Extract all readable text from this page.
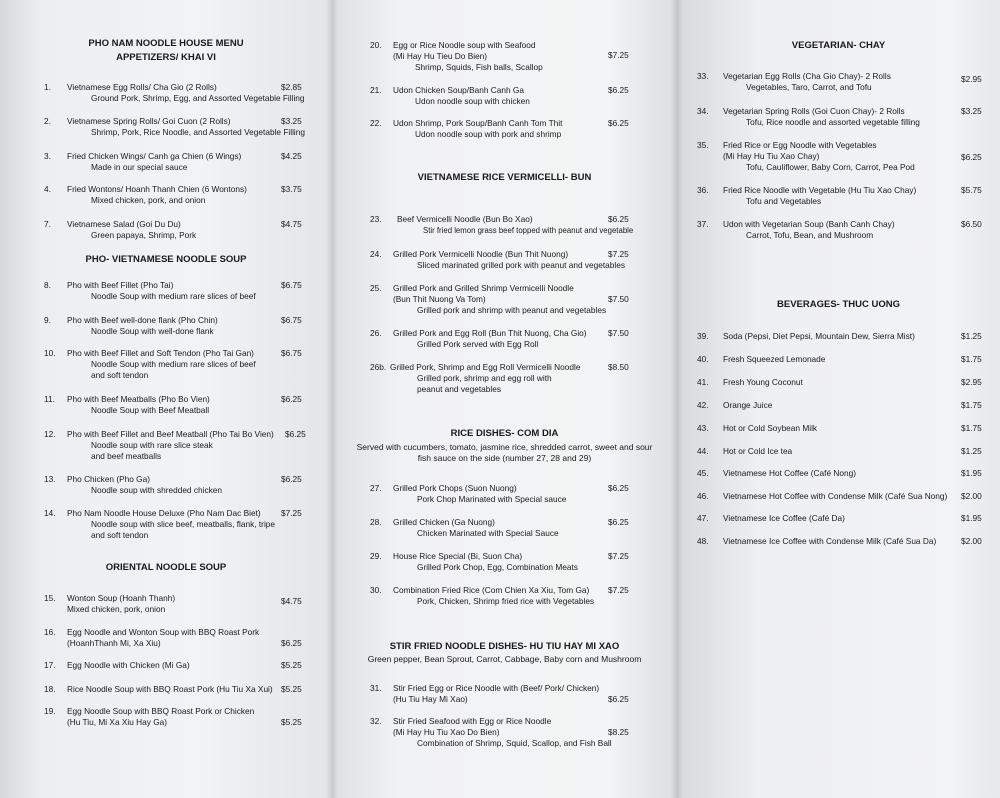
PHO NAM NOODLE HOUSE MENU
APPETIZERS/ KHAI VI
1. Vietnamese Egg Rolls/ Cha Gio (2 Rolls)
Ground Pork, Shrimp, Egg, and Assorted Vegetable Filling
$2.85
2. Vietnamese Spring Rolls/ Goi Cuon (2 Rolls)
Shrimp, Pork, Rice Noodle, and Assorted Vegetable Filling
$3.25
3. Fried Chicken Wings/ Canh ga Chien (6 Wings)
Made in our special sauce
$4.25
4. Fried Wontons/ Hoanh Thanh Chien (6 Wontons)
Mixed chicken, pork, and onion
$3.75
7. Vietnamese Salad (Goi Du Du)
Green papaya, Shrimp, Pork
$4.75
PHO- VIETNAMESE NOODLE SOUP
8. Pho with Beef Fillet (Pho Tai)
Noodle Soup with medium rare slices of beef
$6.75
9. Pho with Beef well-done flank (Pho Chin)
Noodle Soup with well-done flank
$6.75
10. Pho with Beef Fillet and Soft Tendon (Pho Tai Gan)
Noodle Soup with medium rare slices of beef
and soft tendon
$6.75
11. Pho with Beef Meatballs (Pho Bo Vien)
Noodle Soup with Beef Meatball
$6.25
12. Pho with Beef Fillet and Beef Meatball (Pho Tai Bo Vien)
Noodle soup with rare slice steak
and beef meatballs
$6.25
13. Pho Chicken (Pho Ga)
Noodle soup with shredded chicken
$6.25
14. Pho Nam Noodle House Deluxe (Pho Nam Dac Biet)
Noodle soup with slice beef, meatballs, flank, tripe
and soft tendon
$7.25
ORIENTAL NOODLE SOUP
15. Wonton Soup (Hoanh Thanh)
Mixed chicken, pork, onion
$4.75
16. Egg Noodle and Wonton Soup with BBQ Roast Pork
(HoanhThanh Mi, Xa Xiu)	$6.25
17. Egg Noodle with Chicken (Mi Ga)	$5.25
18. Rice Noodle Soup with BBQ Roast Pork (Hu Tiu Xa Xui) $5.25
19. Egg Noodle Soup with BBQ Roast Pork or Chicken
(Hu Tiu, Mi Xa Xiu Hay Ga)	$5.25
20. Egg or Rice Noodle soup with Seafood
(Mi Hay Hu Tieu Do Bien)
Shrimp, Squids, Fish balls, Scallop
$7.25
21. Udon Chicken Soup/Banh Canh Ga
Udon noodle soup with chicken
$6.25
22. Udon Shrimp, Pork Soup/Banh Canh Tom Thit
Udon noodle soup with pork and shrimp
$6.25
VIETNAMESE RICE VERMICELLI- BUN
23. Beef Vermicelli Noodle (Bun Bo Xao)
Stir fried lemon grass beef topped with peanut and vegetable
$6.25
24. Grilled Pork Vermicelli Noodle (Bun Thit Nuong)
Sliced marinated grilled pork with peanut and vegetables
$7.25
25. Grilled Pork and Grilled Shrimp Vermicelli Noodle
(Bun Thit Nuong Va Tom)
Grilled pork and shrimp with peanut and vegetables
$7.50
26. Grilled Pork and Egg Roll (Bun Thit Nuong, Cha Gio)
Grilled Pork served with Egg Roll
$7.50
26b. Grilled Pork, Shrimp and Egg Roll Vermicelli Noodle
Grilled pork, shrimp and egg roll with
peanut and vegetables
$8.50
RICE DISHES- COM DIA
Served with cucumbers, tomato, jasmine rice, shredded carrot, sweet and sour
fish sauce on the side (number 27, 28 and 29)
27. Grilled Pork Chops (Suon Nuong)
Pork Chop Marinated with Special sauce
$6.25
28. Grilled Chicken (Ga Nuong)
Chicken Marinated with Special Sauce
$6.25
29. House Rice Special (Bi, Suon Cha)
Grilled Pork Chop, Egg, Combination Meats
$7.25
30. Combination Fried Rice (Com Chien Xa Xiu, Tom Ga)
Pork, Chicken, Shrimp fried rice with Vegetables
$7.25
STIR FRIED NOODLE DISHES- HU TIU HAY MI XAO
Green pepper, Bean Sprout, Carrot, Cabbage, Baby corn and Mushroom
31. Stir Fried Egg or Rice Noodle with (Beef/ Pork/ Chicken)
(Hu Tiu Hay Mi Xao)	$6.25
32. Stir Fried Seafood with Egg or Rice Noodle
(Mi Hay Hu Tiu Xao Do Bien)
Combination of Shrimp, Squid, Scallop, and Fish Ball
$8.25
VEGETARIAN- CHAY
33. Vegetarian Egg Rolls (Cha Gio Chay)- 2 Rolls
Vegetables, Taro, Carrot, and Tofu
$2.95
34. Vegetarian Spring Rolls (Goi Cuon Chay)- 2 Rolls
Tofu, Rice noodle and assorted vegetable filling
$3.25
35. Fried Rice or Egg Noodle with Vegetables
(Mi Hay Hu Tiu Xao Chay)
Tofu, Cauliflower, Baby Corn, Carrot, Pea Pod
$6.25
36. Fried Rice Noodle with Vegetable (Hu Tiu Xao Chay)
Tofu and Vegetables
$5.75
37. Udon with Vegetarian Soup (Banh Canh Chay)
Carrot, Tofu, Bean, and Mushroom
$6.50
BEVERAGES- THUC UONG
39. Soda (Pepsi, Diet Pepsi, Mountain Dew, Sierra Mist)	$1.25
40. Fresh Squeezed Lemonade	$1.75
41. Fresh Young Coconut	$2.95
42. Orange Juice	$1.75
43. Hot or Cold Soybean Milk	$1.75
44. Hot or Cold Ice tea	$1.25
45. Vietnamese Hot Coffee (Café Nong)	$1.95
46. Vietnamese Hot Coffee with Condense Milk (Café Sua Nong) $2.00
47. Vietnamese Ice Coffee (Café Da)	$1.95
48. Vietnamese Ice Coffee with Condense Milk (Café Sua Da)	$2.00
